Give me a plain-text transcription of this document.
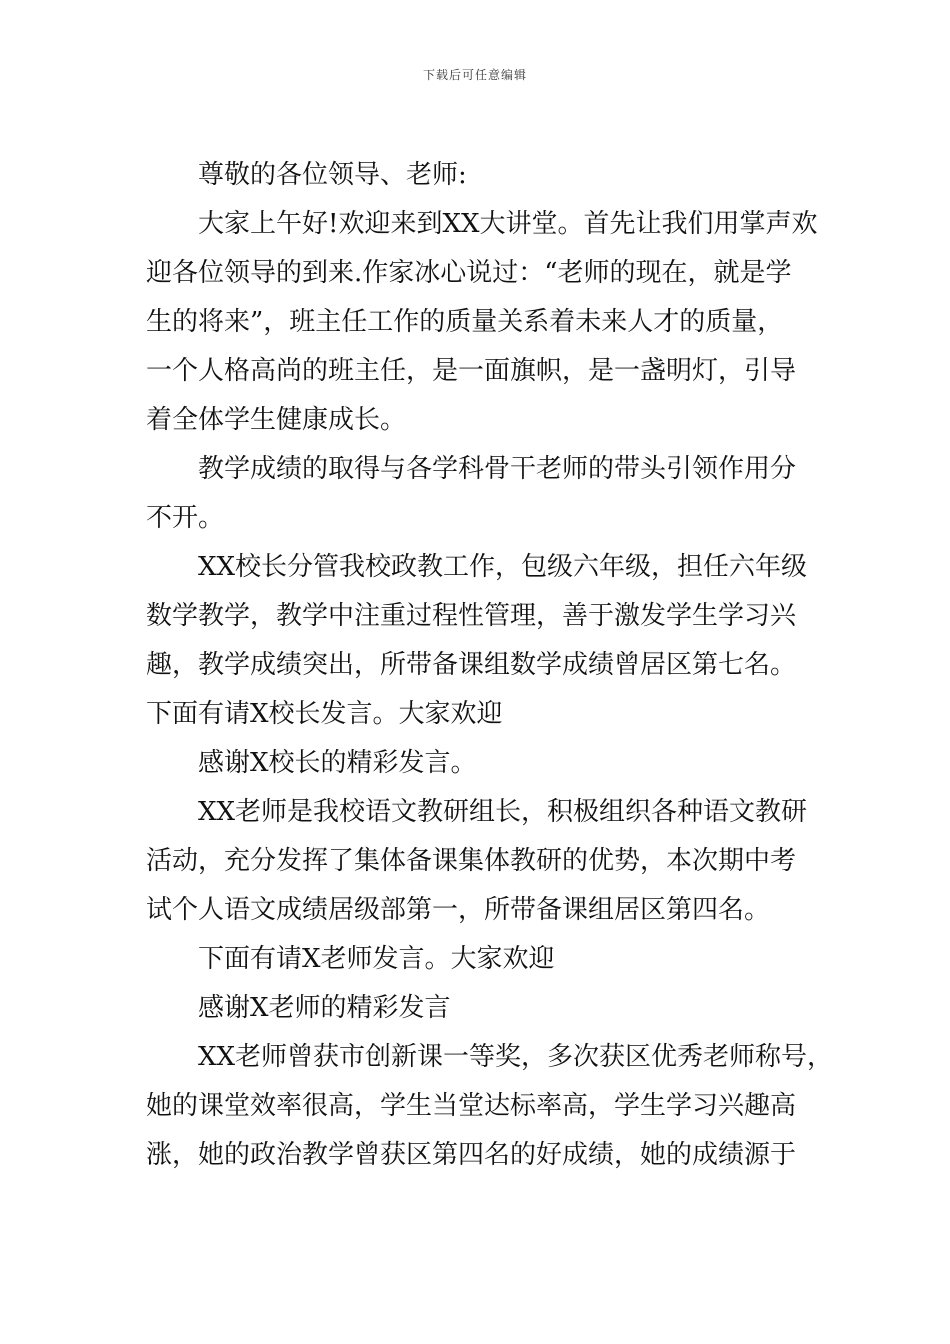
下载后可任意编辑
尊敬的各位领导、老师:
大家上午好!欢迎来到XX大讲堂。首先让我们用掌声欢
迎各位领导的到来.作家冰心说过：“老师的现在，就是学
生的将来”，班主任工作的质量关系着未来人才的质量，
一个人格高尚的班主任，是一面旗帜，是一盏明灯，引导
着全体学生健康成长。
教学成绩的取得与各学科骨干老师的带头引领作用分
不开。
XX校长分管我校政教工作，包级六年级，担任六年级
数学教学，教学中注重过程性管理，善于激发学生学习兴
趣，教学成绩突出，所带备课组数学成绩曾居区第七名。
下面有请X校长发言。大家欢迎
感谢X校长的精彩发言。
XX老师是我校语文教研组长，积极组织各种语文教研
活动，充分发挥了集体备课集体教研的优势，本次期中考
试个人语文成绩居级部第一，所带备课组居区第四名。
下面有请X老师发言。大家欢迎
感谢X老师的精彩发言
XX老师曾获市创新课一等奖，多次获区优秀老师称号，
她的课堂效率很高，学生当堂达标率高，学生学习兴趣高
涨，她的政治教学曾获区第四名的好成绩，她的成绩源于
